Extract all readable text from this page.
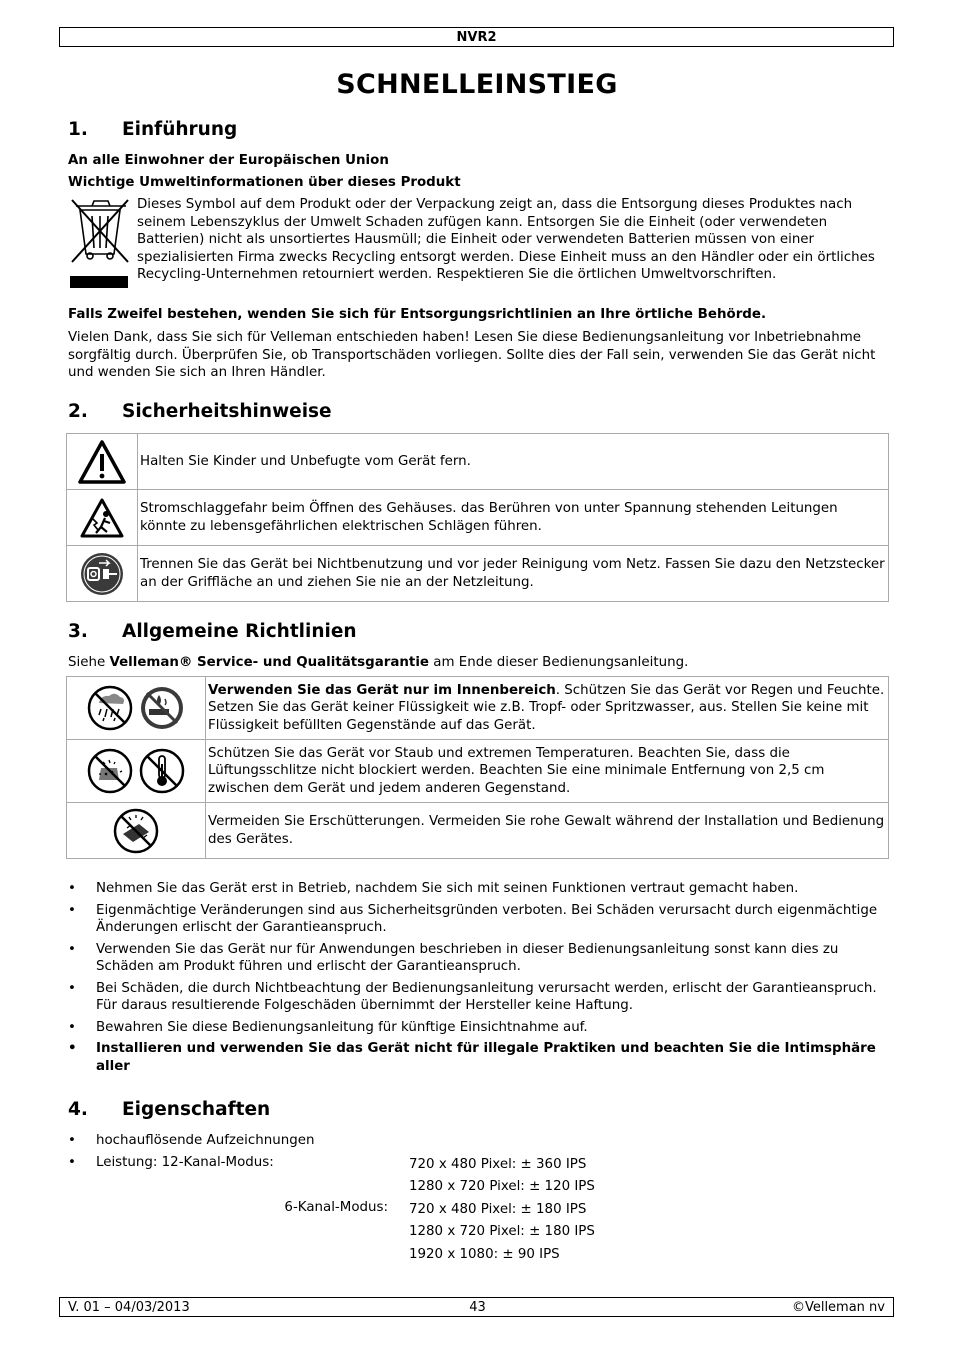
NVR2
SCHNELLEINSTIEG
1. Einführung

An alle Einwohner der Europäischen Union

Wichtige Umweltinformationen über dieses Produkt

Dieses Symbol auf dem Produkt oder der Verpackung zeigt an, dass die Entsorgung dieses Produktes nach seinem Lebenszyklus der Umwelt Schaden zufügen kann. Entsorgen Sie die Einheit (oder verwendeten Batterien) nicht als unsortiertes Hausmüll; die Einheit oder verwendeten Batterien müssen von einer spezialisierten Firma zwecks Recycling entsorgt werden. Diese Einheit muss an den Händler oder ein örtliches Recycling-Unternehmen retourniert werden. Respektieren Sie die örtlichen Umweltvorschriften.

Falls Zweifel bestehen, wenden Sie sich für Entsorgungsrichtlinien an Ihre örtliche Behörde.

Vielen Dank, dass Sie sich für Velleman entschieden haben! Lesen Sie diese Bedienungsanleitung vor Inbetriebnahme sorgfältig durch. Überprüfen Sie, ob Transportschäden vorliegen. Sollte dies der Fall sein, verwenden Sie das Gerät nicht und wenden Sie sich an Ihren Händler.

2. Sicherheitshinweise
	Halten Sie Kinder und Unbefugte vom Gerät fern.

	Stromschlaggefahr beim Öffnen des Gehäuses. das Berühren von unter Spannung stehenden Leitungen könnte zu lebensgefährlichen elektrischen Schlägen führen.

	Trennen Sie das Gerät bei Nichtbenutzung und vor jeder Reinigung vom Netz. Fassen Sie dazu den Netzstecker an der Griffläche an und ziehen Sie nie an der Netzleitung.
3. Allgemeine Richtlinien

Siehe Velleman® Service- und Qualitätsgarantie am Ende dieser Bedienungsanleitung.

	Verwenden Sie das Gerät nur im Innenbereich. Schützen Sie das Gerät vor Regen und Feuchte. Setzen Sie das Gerät keiner Flüssigkeit wie z.B. Tropf- oder Spritzwasser, aus. Stellen Sie keine mit Flüssigkeit befüllten Gegenstände auf das Gerät.

	Schützen Sie das Gerät vor Staub und extremen Temperaturen. Beachten Sie, dass die Lüftungsschlitze nicht blockiert werden. Beachten Sie eine minimale Entfernung von 2,5 cm zwischen dem Gerät und jedem anderen Gegenstand.

	Vermeiden Sie Erschütterungen. Vermeiden Sie rohe Gewalt während der Installation und Bedienung des Gerätes.
• Nehmen Sie das Gerät erst in Betrieb, nachdem Sie sich mit seinen Funktionen vertraut gemacht haben.
• Eigenmächtige Veränderungen sind aus Sicherheitsgründen verboten. Bei Schäden verursacht durch eigenmächtige Änderungen erlischt der Garantieanspruch.
• Verwenden Sie das Gerät nur für Anwendungen beschrieben in dieser Bedienungsanleitung sonst kann dies zu Schäden am Produkt führen und erlischt der Garantieanspruch.
• Bei Schäden, die durch Nichtbeachtung der Bedienungsanleitung verursacht werden, erlischt der Garantieanspruch. Für daraus resultierende Folgeschäden übernimmt der Hersteller keine Haftung.
• Bewahren Sie diese Bedienungsanleitung für künftige Einsichtnahme auf.
• Installieren und verwenden Sie das Gerät nicht für illegale Praktiken und beachten Sie die Intimsphäre aller
4. Eigenschaften
• hochauflösende Aufzeichnungen
• Leistung: 12-Kanal-Modus:	720 x 480 Pixel: ± 360 IPS
1280 x 720 Pixel: ± 120 IPS
6-Kanal-Modus: 720 x 480 Pixel: ± 180 IPS
1280 x 720 Pixel: ± 180 IPS
1920 x 1080: ± 90 IPS
V. 01 – 04/03/2013	43	©Velleman nv
